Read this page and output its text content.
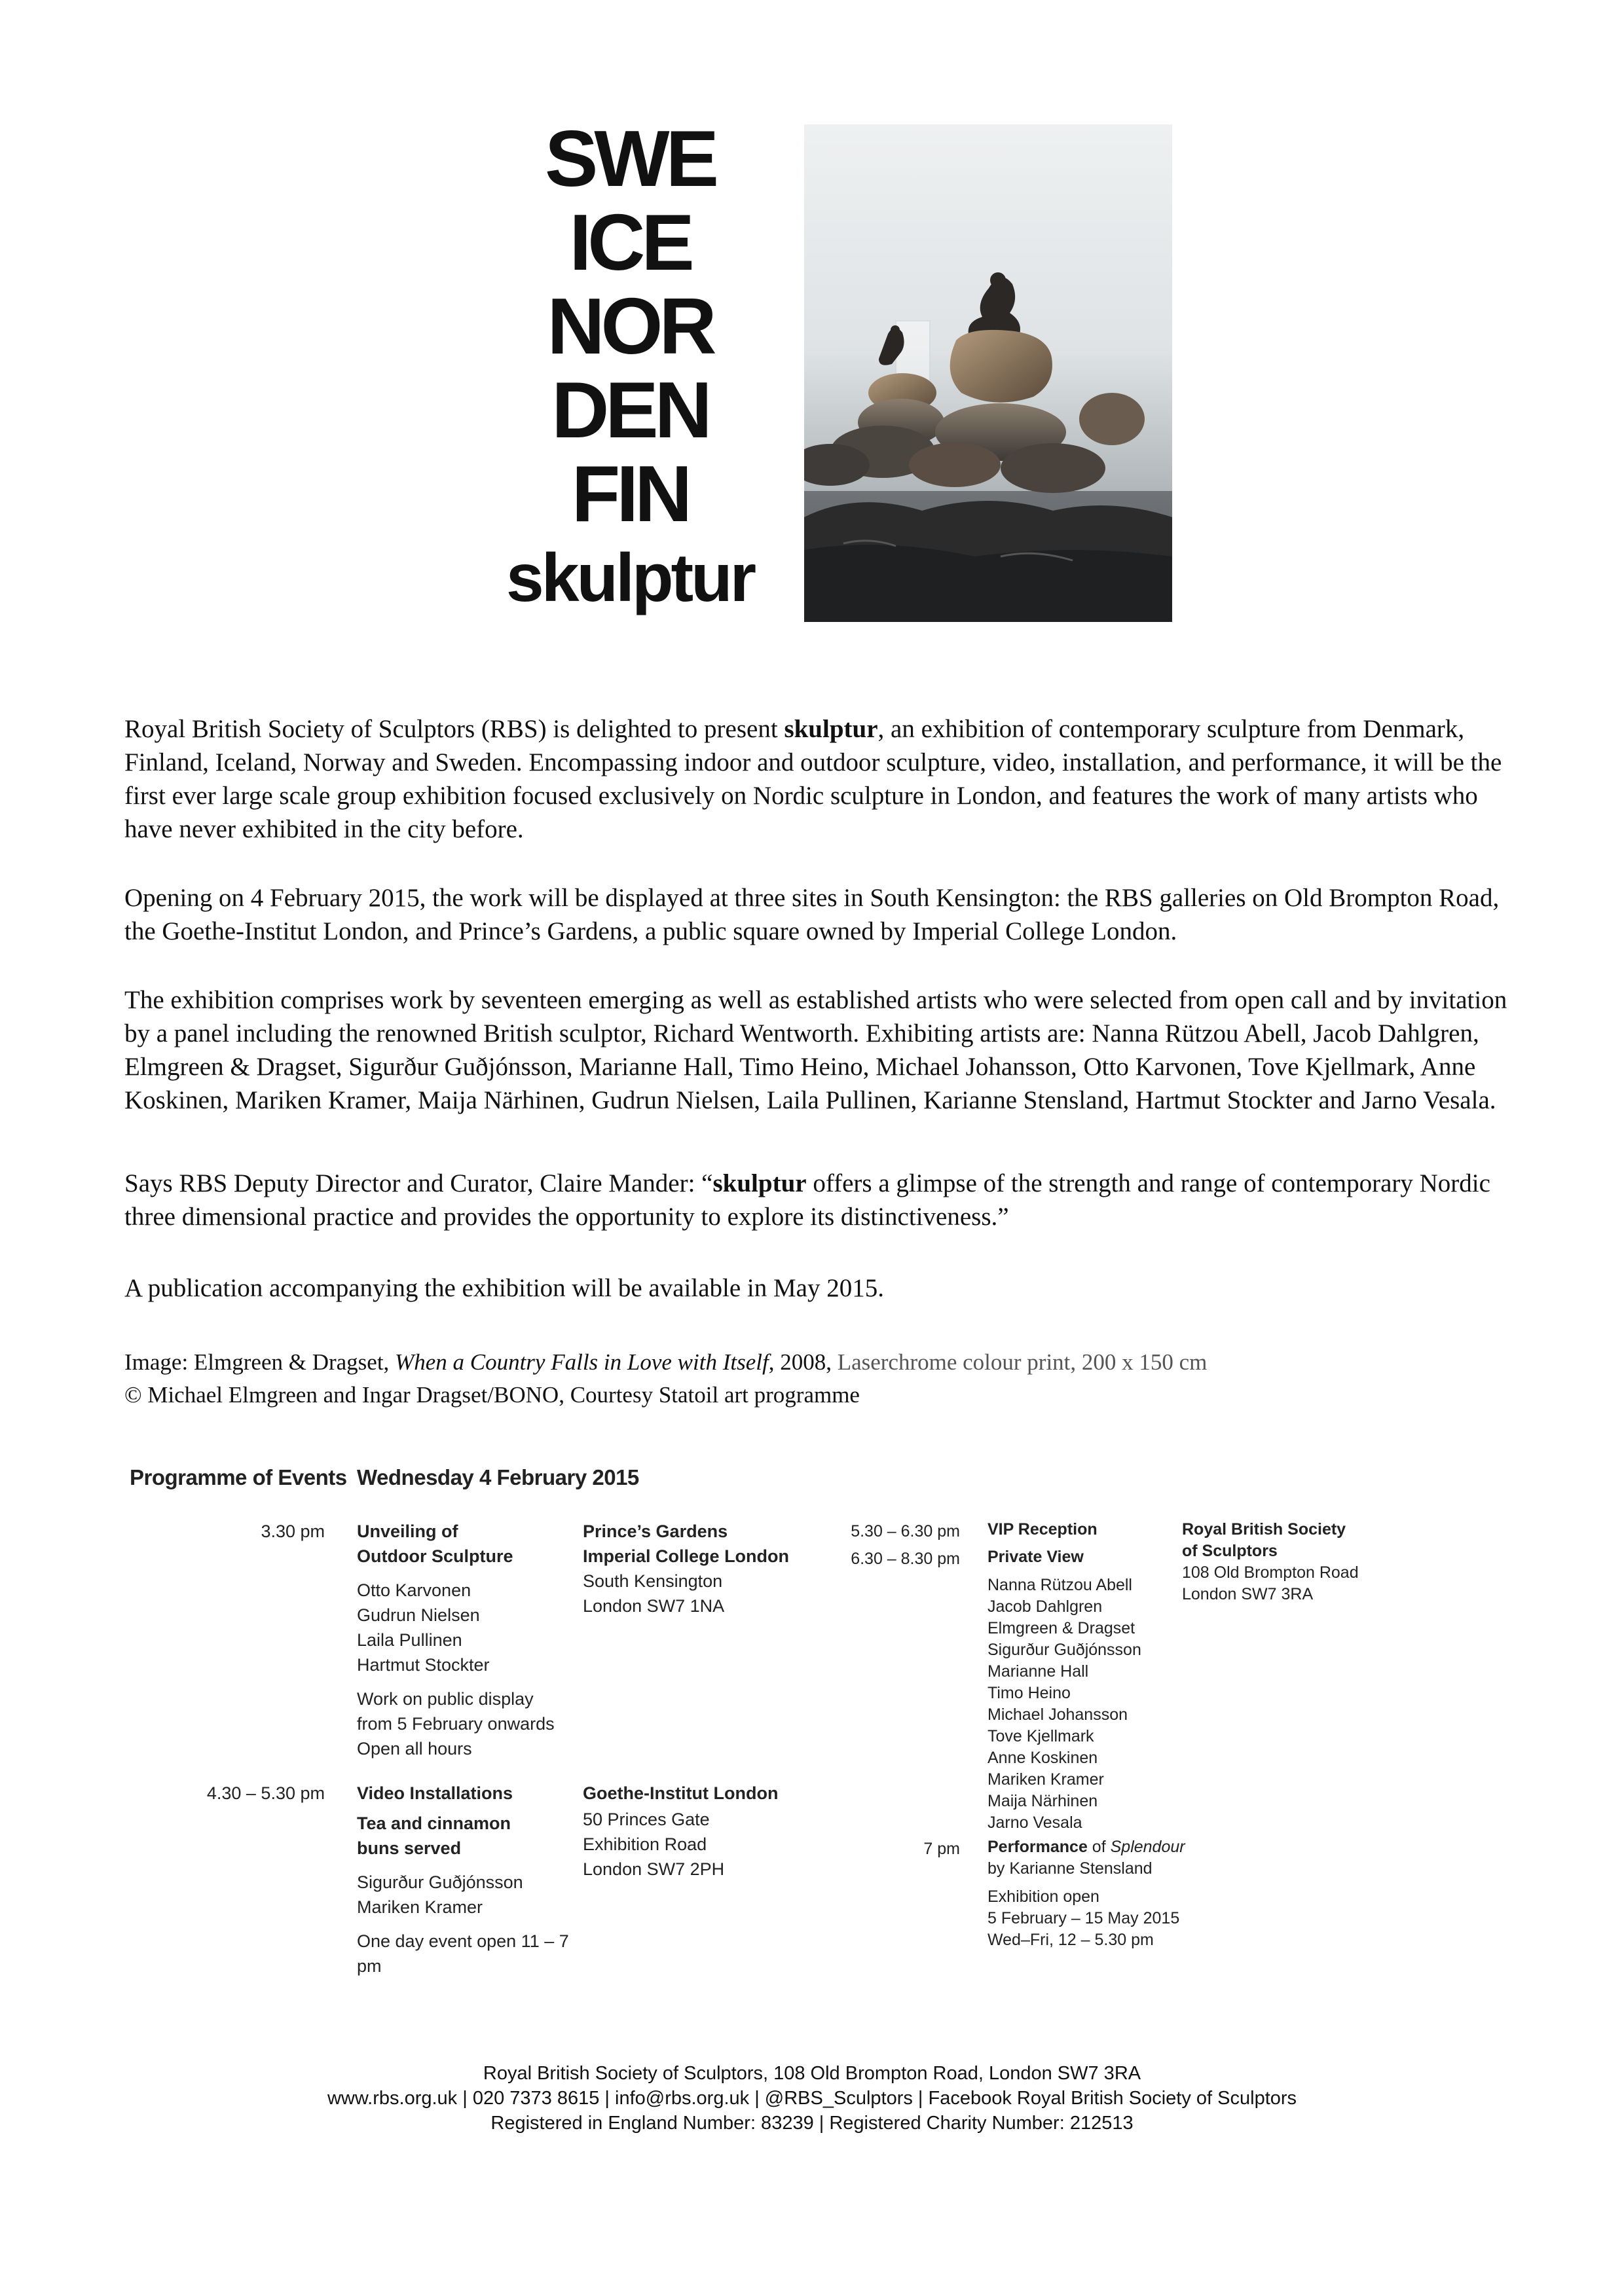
SWE
ICE
NOR
DEN
FIN
skulptur

Royal British Society of Sculptors (RBS) is delighted to present skulptur, an exhibition of contemporary sculpture from Denmark, Finland, Iceland, Norway and Sweden. Encompassing indoor and outdoor sculpture, video, installation, and performance, it will be the first ever large scale group exhibition focused exclusively on Nordic sculpture in London, and features the work of many artists who have never exhibited in the city before.

Opening on 4 February 2015, the work will be displayed at three sites in South Kensington: the RBS galleries on Old Brompton Road, the Goethe-Institut London, and Prince’s Gardens, a public square owned by Imperial College London.

The exhibition comprises work by seventeen emerging as well as established artists who were selected from open call and by invitation by a panel including the renowned British sculptor, Richard Wentworth. Exhibiting artists are: Nanna Rützou Abell, Jacob Dahlgren, Elmgreen & Dragset, Sigurður Guðjónsson, Marianne Hall, Timo Heino, Michael Johansson, Otto Karvonen, Tove Kjellmark, Anne Koskinen, Mariken Kramer, Maija Närhinen, Gudrun Nielsen, Laila Pullinen, Karianne Stensland, Hartmut Stockter and Jarno Vesala.

Says RBS Deputy Director and Curator, Claire Mander: “skulptur offers a glimpse of the strength and range of contemporary Nordic three dimensional practice and provides the opportunity to explore its distinctiveness.”

A publication accompanying the exhibition will be available in May 2015.

Image: Elmgreen & Dragset, When a Country Falls in Love with Itself, 2008, Laserchrome colour print, 200 x 150 cm
© Michael Elmgreen and Ingar Dragset/BONO, Courtesy Statoil art programme

Programme of Events Wednesday 4 February 2015
3.30 pm Unveiling of
Outdoor Sculpture
Otto Karvonen
Gudrun Nielsen
Laila Pullinen
Hartmut Stockter
Work on public display
from 5 February onwards
Open all hours
Prince’s Gardens
Imperial College London
South Kensington
London SW7 1NA
4.30 – 5.30 pm Video Installations
Tea and cinnamon
buns served
Sigurður Guðjónsson
Mariken Kramer
One day event open 11 – 7 pm
Goethe-Institut London
50 Princes Gate
Exhibition Road
London SW7 2PH
5.30 – 6.30 pm
6.30 – 8.30 pm
VIP Reception
Private View
Nanna Rützou Abell
Jacob Dahlgren
Elmgreen & Dragset
Sigurður Guðjónsson
Marianne Hall
Timo Heino
Michael Johansson
Tove Kjellmark
Anne Koskinen
Mariken Kramer
Maija Närhinen
Jarno Vesala
Royal British Society
of Sculptors
108 Old Brompton Road
London SW7 3RA
7 pm Performance of Splendour
by Karianne Stensland
Exhibition open
5 February – 15 May 2015
Wed–Fri, 12 – 5.30 pm
Royal British Society of Sculptors, 108 Old Brompton Road, London SW7 3RA
www.rbs.org.uk | 020 7373 8615 | info@rbs.org.uk | @RBS_Sculptors | Facebook Royal British Society of Sculptors
Registered in England Number: 83239 | Registered Charity Number: 212513
